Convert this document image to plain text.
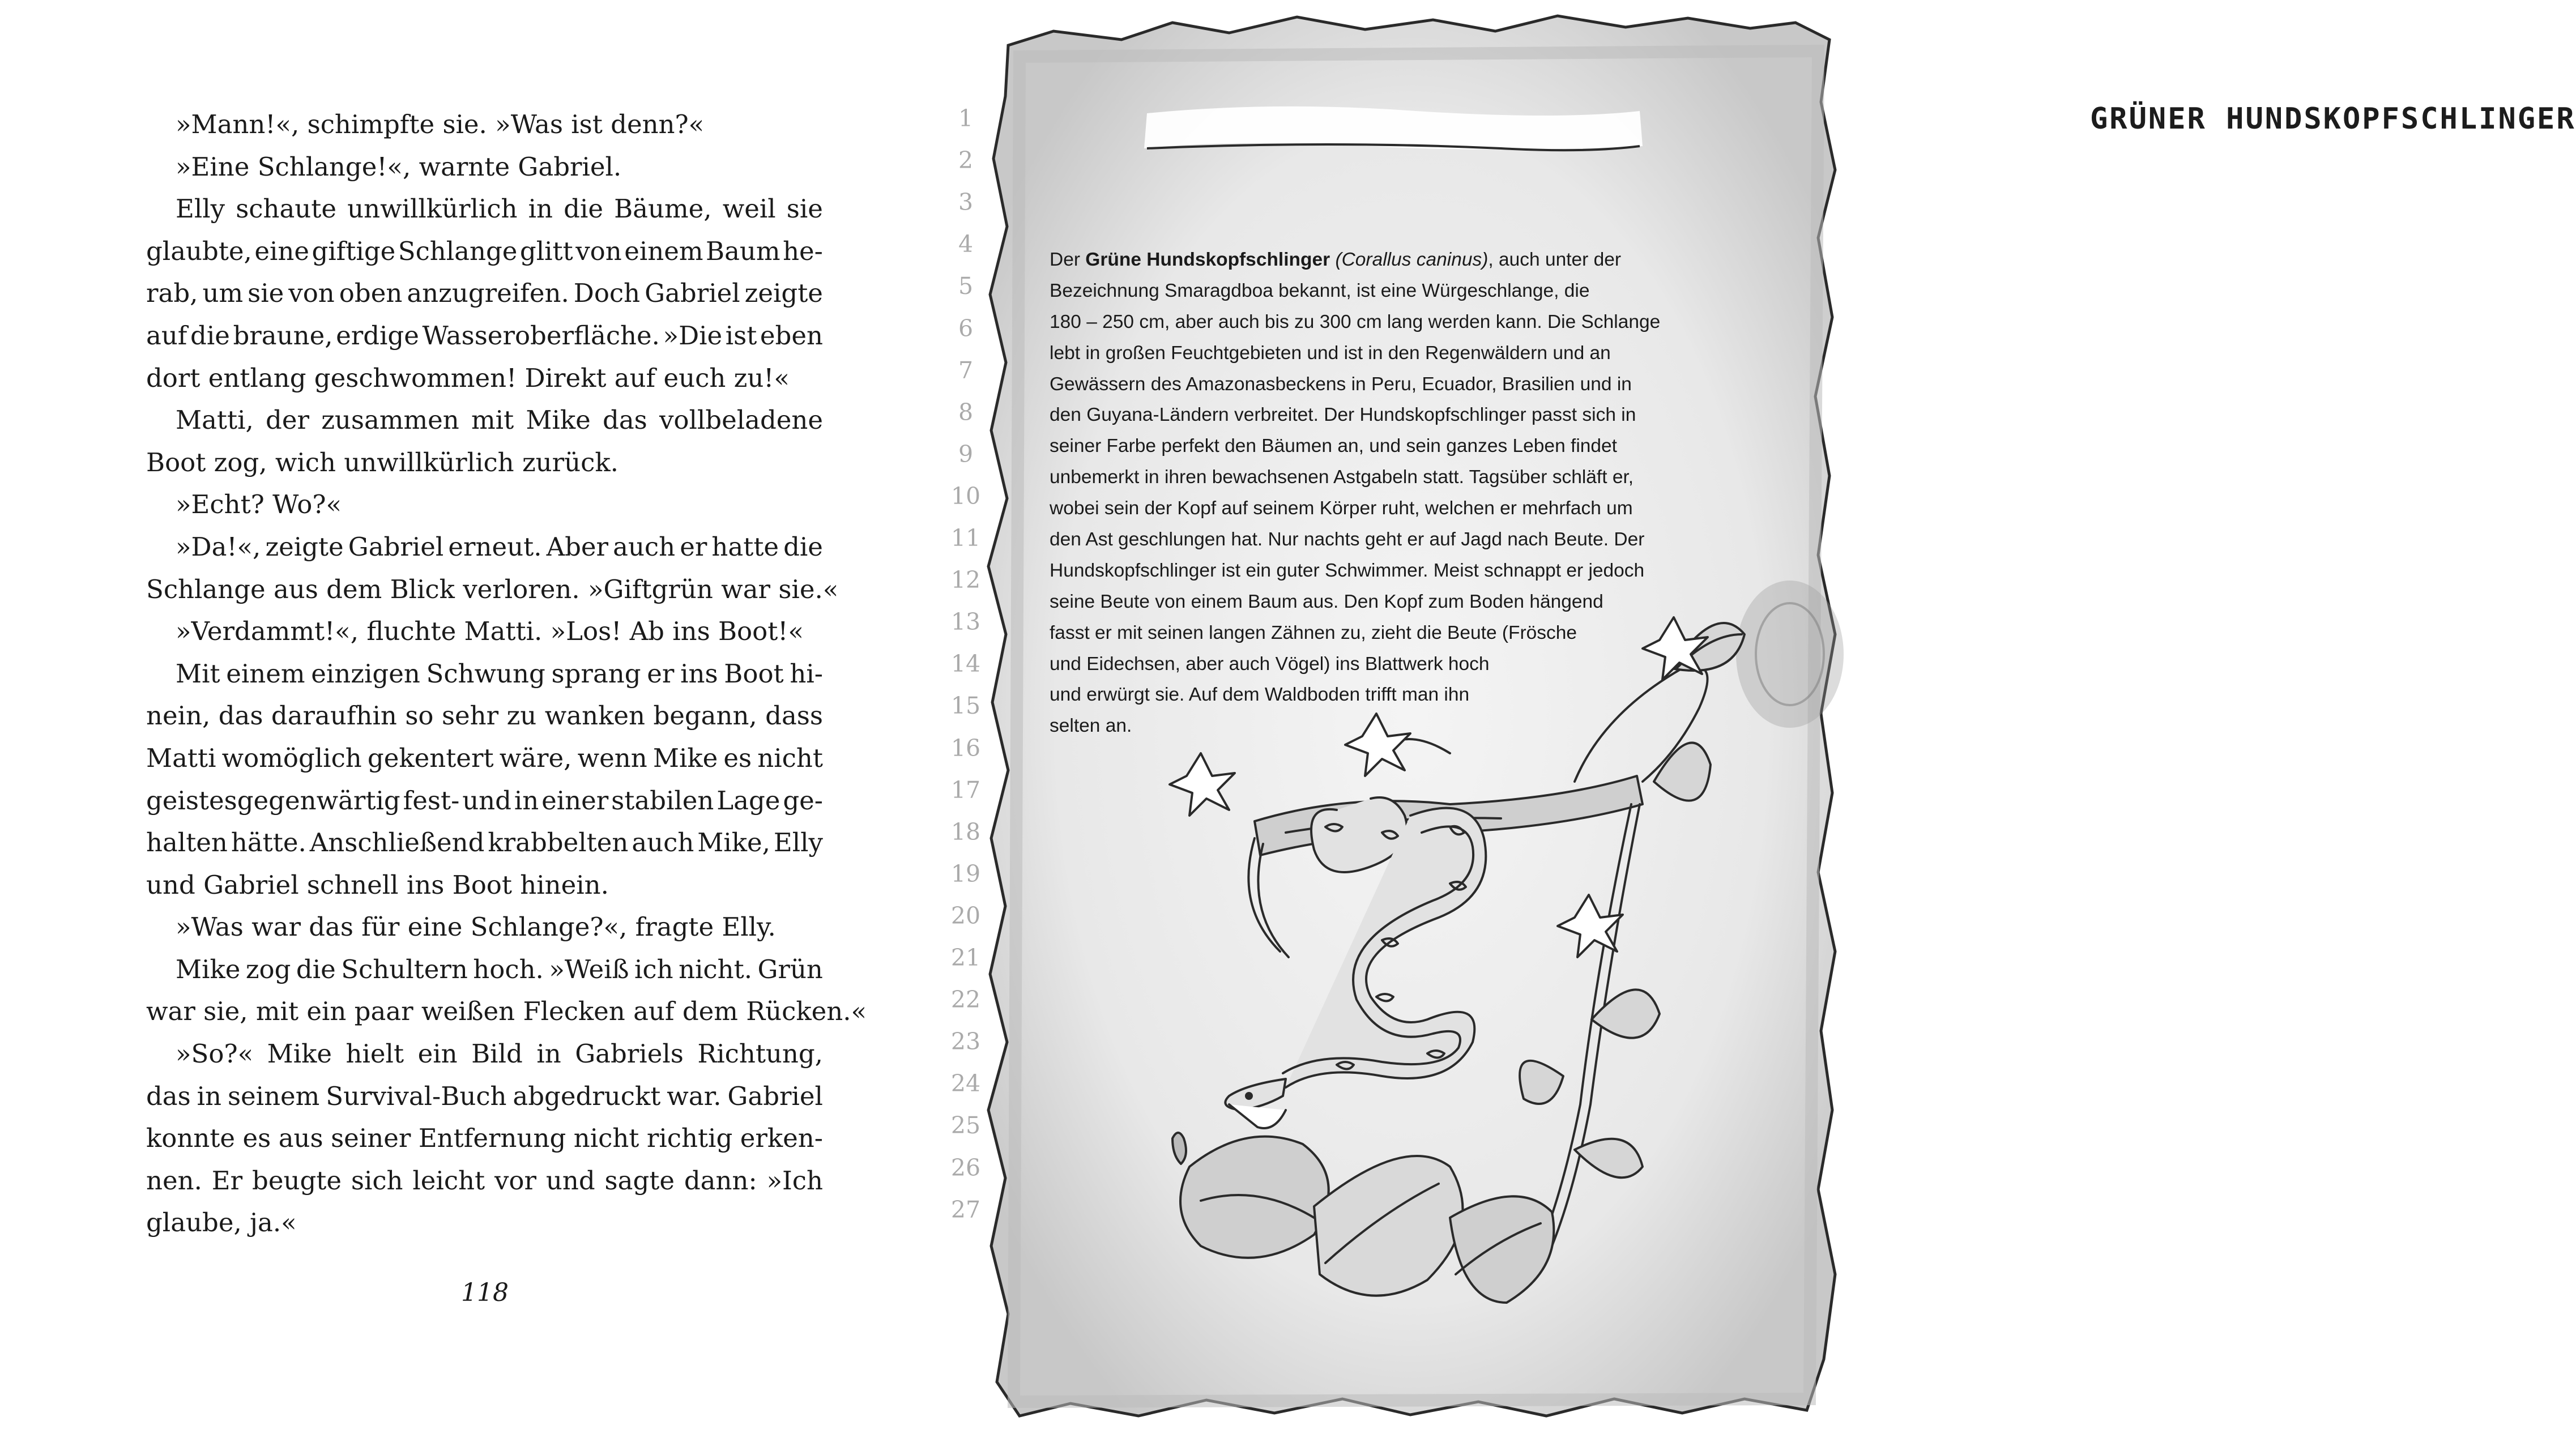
»Mann!«, schimpfte sie. »Was ist denn?«
»Eine Schlange!«, warnte Gabriel.
Elly schaute unwillkürlich in die Bäume, weil sie
glaubte, eine giftige Schlange glitt von einem Baum he-
rab, um sie von oben anzugreifen. Doch Gabriel zeigte
auf die braune, erdige Wasseroberfläche. »Die ist eben
dort entlang geschwommen! Direkt auf euch zu!«
Matti, der zusammen mit Mike das vollbeladene
Boot zog, wich unwillkürlich zurück.
»Echt? Wo?«
»Da!«, zeigte Gabriel erneut. Aber auch er hatte die
Schlange aus dem Blick verloren. »Giftgrün war sie.«
»Verdammt!«, fluchte Matti. »Los! Ab ins Boot!«
Mit einem einzigen Schwung sprang er ins Boot hi-
nein, das daraufhin so sehr zu wanken begann, dass
Matti womöglich gekentert wäre, wenn Mike es nicht
geistesgegenwärtig fest- und in einer stabilen Lage ge-
halten hätte. Anschließend krabbelten auch Mike, Elly
und Gabriel schnell ins Boot hinein.
»Was war das für eine Schlange?«, fragte Elly.
Mike zog die Schultern hoch. »Weiß ich nicht. Grün
war sie, mit ein paar weißen Flecken auf dem Rücken.«
»So?« Mike hielt ein Bild in Gabriels Richtung,
das in seinem Survival-Buch abgedruckt war. Gabriel
konnte es aus seiner Entfernung nicht richtig erken-
nen. Er beugte sich leicht vor und sagte dann: »Ich
glaube, ja.«
118
GRÜNER HUNDSKOPFSCHLINGER
1
2
3
4
5
6
7
8
9
10
11
12
13
14
15
16
17
18
19
20
21
22
23
24
25
26
27
Der Grüne Hundskopfschlinger (Corallus caninus), auch unter der
Bezeichnung Smaragdboa bekannt, ist eine Würgeschlange, die
180 – 250 cm, aber auch bis zu 300 cm lang werden kann. Die Schlange
lebt in großen Feuchtgebieten und ist in den Regenwäldern und an
Gewässern des Amazonasbeckens in Peru, Ecuador, Brasilien und in
den Guyana-Ländern verbreitet. Der Hundskopfschlinger passt sich in
seiner Farbe perfekt den Bäumen an, und sein ganzes Leben findet
unbemerkt in ihren bewachsenen Astgabeln statt. Tagsüber schläft er,
wobei sein der Kopf auf seinem Körper ruht, welchen er mehrfach um
den Ast geschlungen hat. Nur nachts geht er auf Jagd nach Beute. Der
Hundskopfschlinger ist ein guter Schwimmer. Meist schnappt er jedoch
seine Beute von einem Baum aus. Den Kopf zum Boden hängend
fasst er mit seinen langen Zähnen zu, zieht die Beute (Frösche
und Eidechsen, aber auch Vögel) ins Blattwerk hoch
und erwürgt sie. Auf dem Waldboden trifft man ihn
selten an.
